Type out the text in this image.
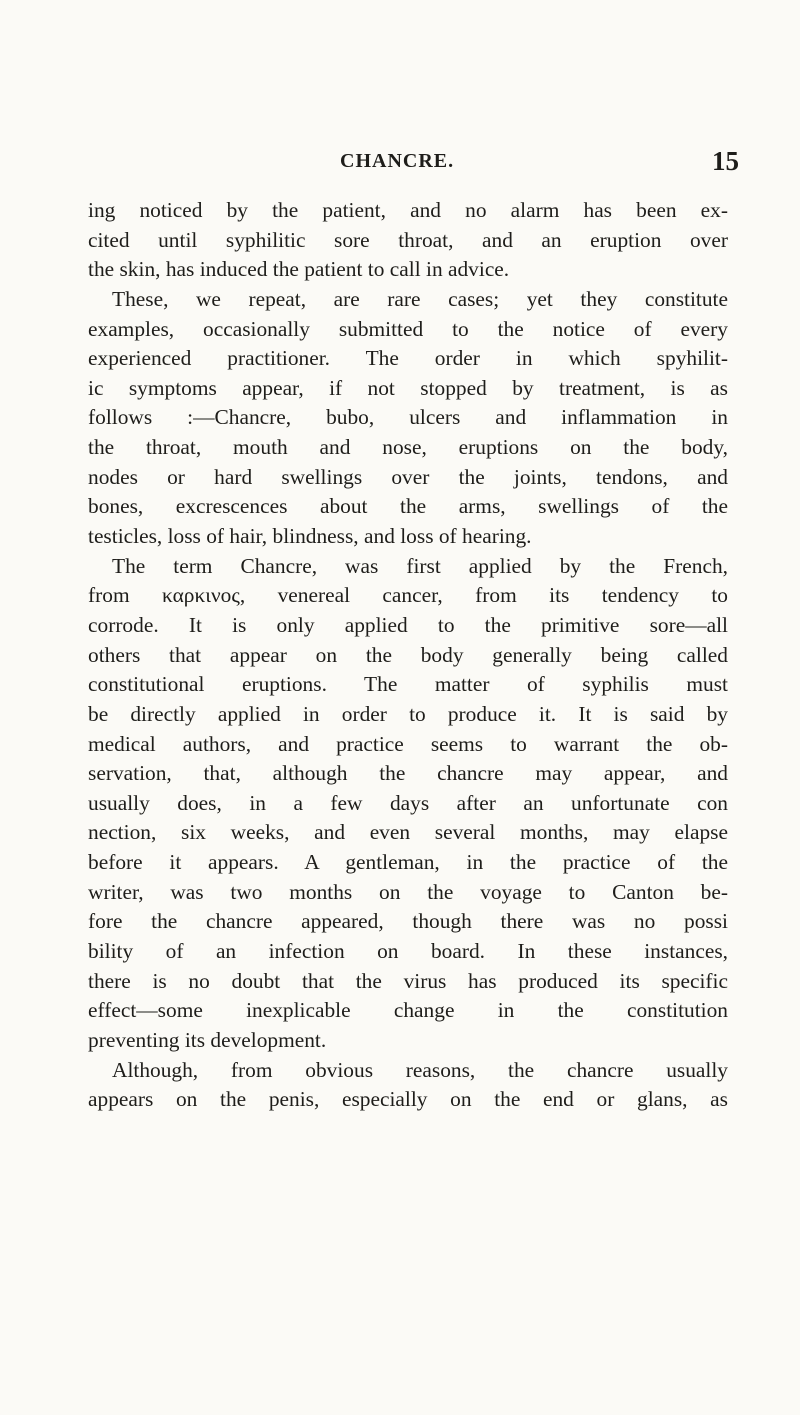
CHANCRE.	15
ing noticed by the patient, and no alarm has been ex-
cited until syphilitic sore throat, and an eruption over
the skin, has induced the patient to call in advice.
These, we repeat, are rare cases; yet they constitute
examples, occasionally submitted to the notice of every
experienced practitioner. The order in which spyhilit-
ic symptoms appear, if not stopped by treatment, is as
follows :—Chancre, bubo, ulcers and inflammation in
the throat, mouth and nose, eruptions on the body,
nodes or hard swellings over the joints, tendons, and
bones, excrescences about the arms, swellings of the
testicles, loss of hair, blindness, and loss of hearing.
The term Chancre, was first applied by the French,
from καρκινος, venereal cancer, from its tendency to
corrode. It is only applied to the primitive sore—all
others that appear on the body generally being called
constitutional eruptions. The matter of syphilis must
be directly applied in order to produce it. It is said by
medical authors, and practice seems to warrant the ob-
servation, that, although the chancre may appear, and
usually does, in a few days after an unfortunate con
nection, six weeks, and even several months, may elapse
before it appears. A gentleman, in the practice of the
writer, was two months on the voyage to Canton be-
fore the chancre appeared, though there was no possi
bility of an infection on board. In these instances,
there is no doubt that the virus has produced its specific
effect—some inexplicable change in the constitution
preventing its development.
Although, from obvious reasons, the chancre usually
appears on the penis, especially on the end or glans, as
